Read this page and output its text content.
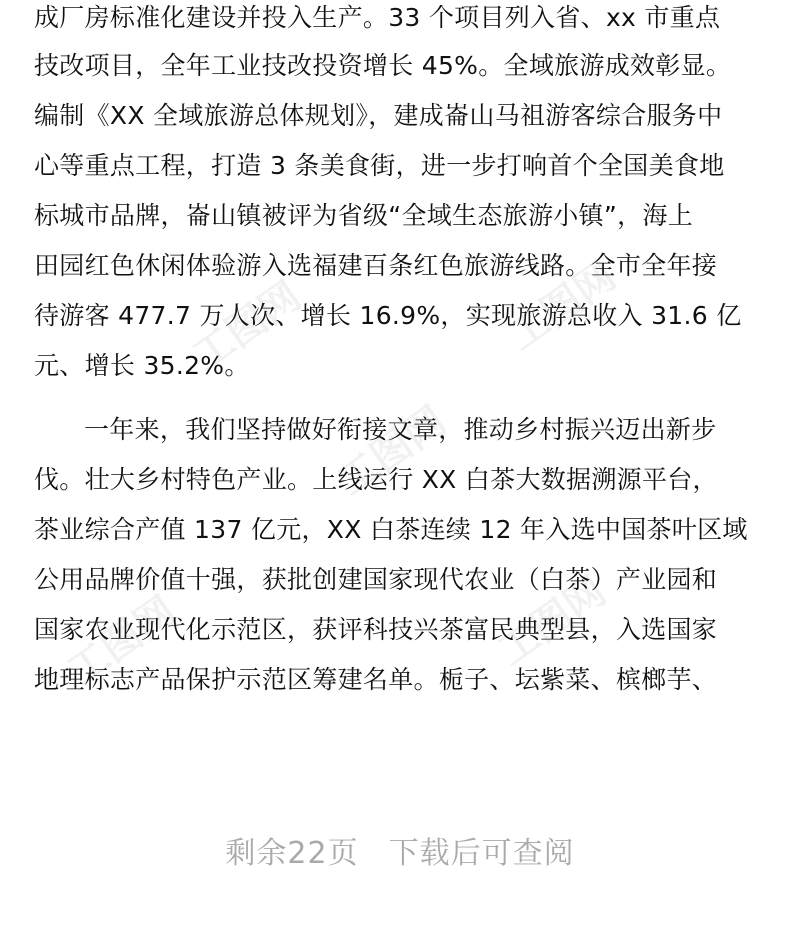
工图网	工图网
工图网
工图网	工图网
成厂房标准化建设并投入生产。33 个项目列入省、xx 市重点
技改项目，全年工业技改投资增长 45%。全域旅游成效彰显。
编制《XX 全域旅游总体规划》，建成崙山马祖游客综合服务中
心等重点工程，打造 3 条美食街，进一步打响首个全国美食地
标城市品牌，崙山镇被评为省级“全域生态旅游小镇”，海上
田园红色休闲体验游入选福建百条红色旅游线路。全市全年接
待游客 477.7 万人次、增长 16.9%，实现旅游总收入 31.6 亿
元、增长 35.2%。
一年来，我们坚持做好衔接文章，推动乡村振兴迈出新步
伐。壮大乡村特色产业。上线运行 XX 白茶大数据溯源平台，
茶业综合产值 137 亿元，XX 白茶连续 12 年入选中国茶叶区域
公用品牌价值十强，获批创建国家现代农业（白茶）产业园和
国家农业现代化示范区，获评科技兴茶富民典型县，入选国家
地理标志产品保护示范区筹建名单。栀子、坛紫菜、槟榔芋、
剩余22页 下载后可查阅
